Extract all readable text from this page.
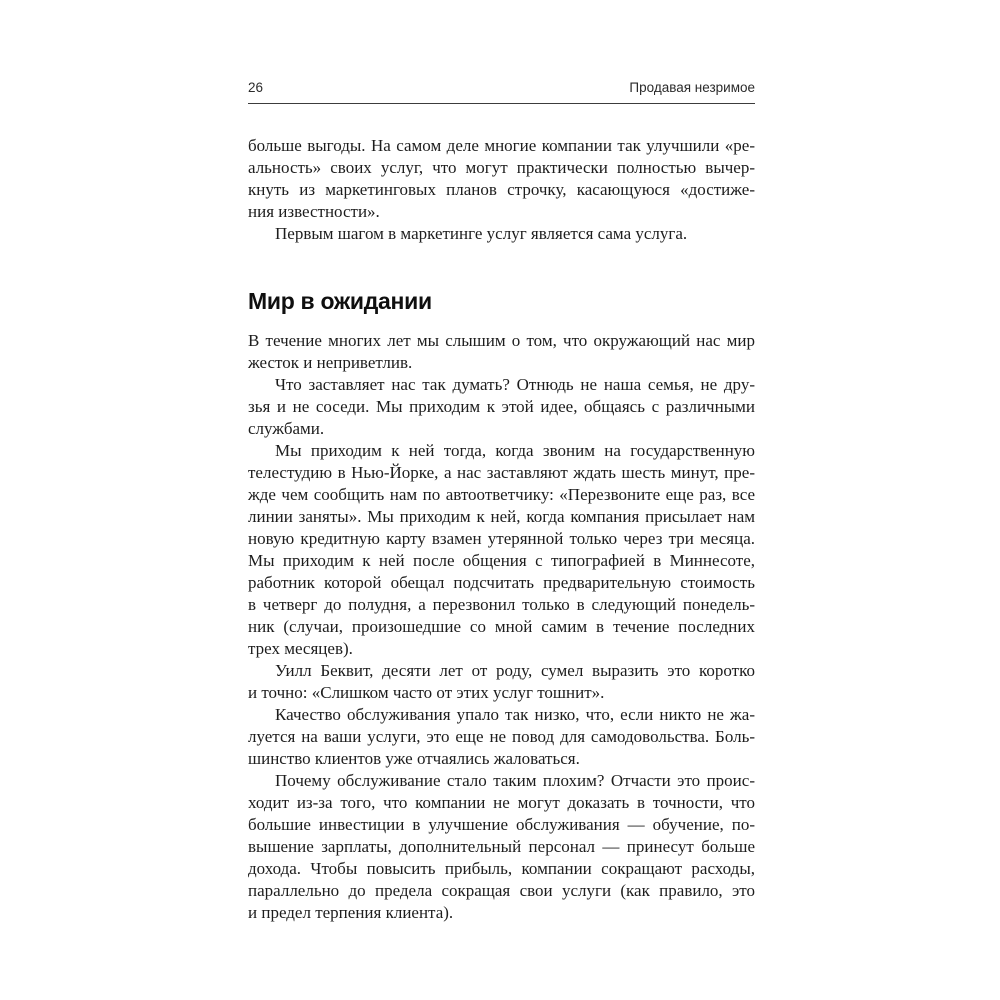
26	Продавая незримое
больше выгоды. На самом деле многие компании так улучшили «ре-
альность» своих услуг, что могут практически полностью вычер-
кнуть из маркетинговых планов строчку, касающуюся «достиже-
ния известности».
Первым шагом в маркетинге услуг является сама услуга.
Мир в ожидании
В течение многих лет мы слышим о том, что окружающий нас мир
жесток и неприветлив.
Что заставляет нас так думать? Отнюдь не наша семья, не дру-
зья и не соседи. Мы приходим к этой идее, общаясь с различными
службами.
Мы приходим к ней тогда, когда звоним на государственную
телестудию в Нью-Йорке, а нас заставляют ждать шесть минут, пре-
жде чем сообщить нам по автоответчику: «Перезвоните еще раз, все
линии заняты». Мы приходим к ней, когда компания присылает нам
новую кредитную карту взамен утерянной только через три месяца.
Мы приходим к ней после общения с типографией в Миннесоте,
работник которой обещал подсчитать предварительную стоимость
в четверг до полудня, а перезвонил только в следующий понедель-
ник (случаи, произошедшие со мной самим в течение последних
трех месяцев).
Уилл Беквит, десяти лет от роду, сумел выразить это коротко
и точно: «Слишком часто от этих услуг тошнит».
Качество обслуживания упало так низко, что, если никто не жа-
луется на ваши услуги, это еще не повод для самодовольства. Боль-
шинство клиентов уже отчаялись жаловаться.
Почему обслуживание стало таким плохим? Отчасти это проис-
ходит из-за того, что компании не могут доказать в точности, что
большие инвестиции в улучшение обслуживания — обучение, по-
вышение зарплаты, дополнительный персонал — принесут больше
дохода. Чтобы повысить прибыль, компании сокращают расходы,
параллельно до предела сокращая свои услуги (как правило, это
и предел терпения клиента).
